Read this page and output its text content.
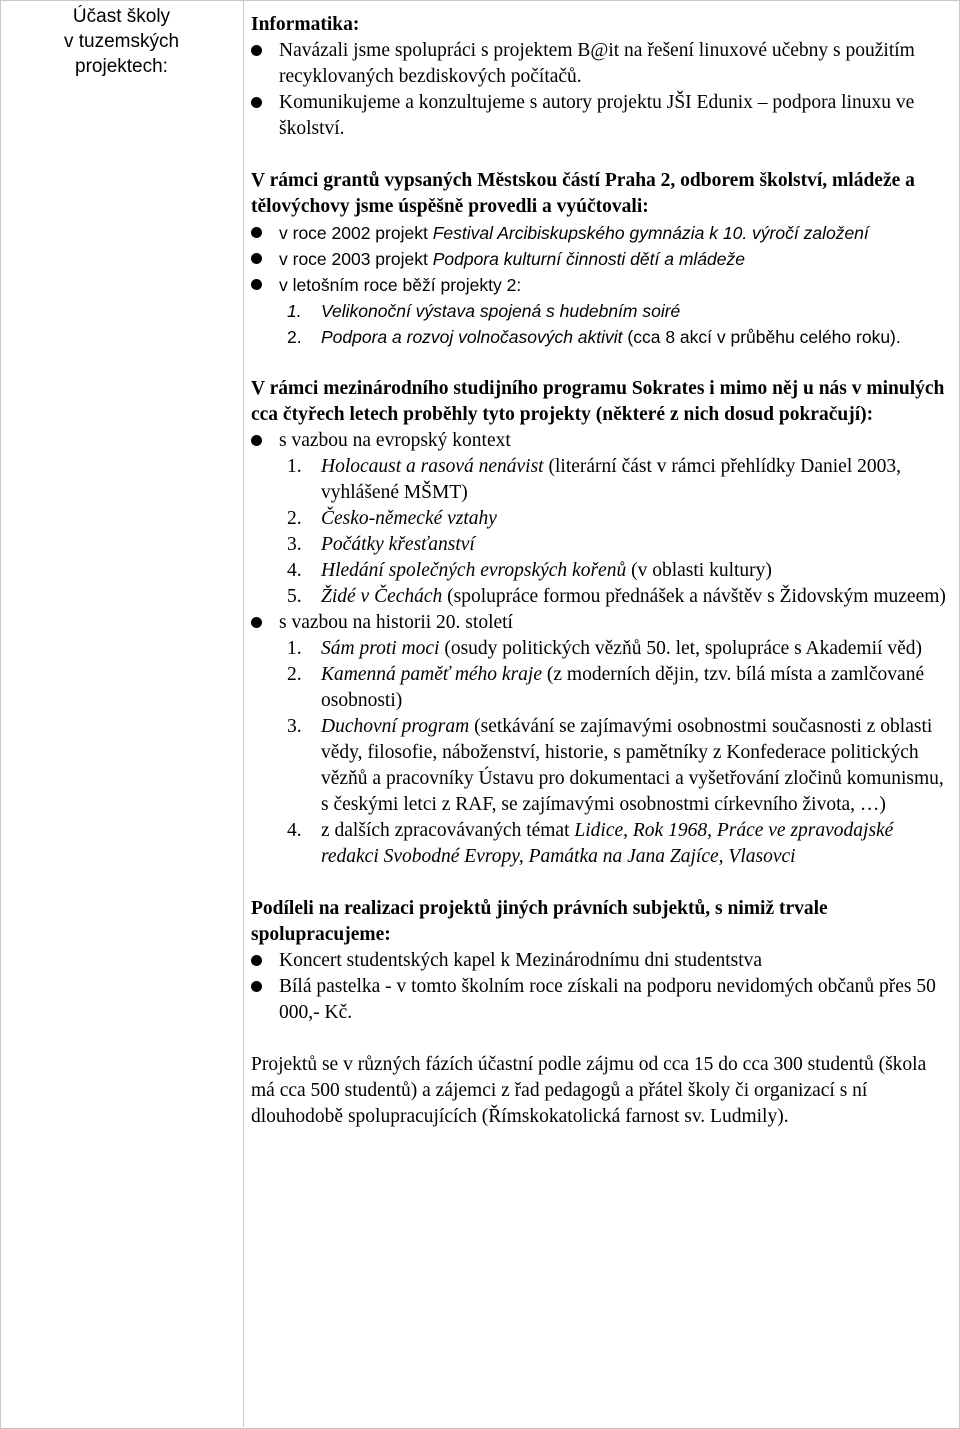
Účast školy
v tuzemských
projektech:

Informatika:

Navázali jsme spolupráci s projektem B@it na řešení linuxové učebny s použitím recyklovaných bezdiskových počítačů.

Komunikujeme a konzultujeme s autory projektu JŠI Edunix – podpora linuxu ve školství.

V rámci grantů vypsaných Městskou částí Praha 2, odborem školství, mládeže a tělovýchovy jsme úspěšně provedli a vyúčtovali:

v roce 2002 projekt Festival Arcibiskupského gymnázia k 10. výročí založení

v roce 2003 projekt Podpora kulturní činnosti dětí a mládeže

v letošním roce běží projekty 2:

1. Velikonoční výstava spojená s hudebním soiré

2. Podpora a rozvoj volnočasových aktivit (cca 8 akcí v průběhu celého roku).

V rámci mezinárodního studijního programu Sokrates i mimo něj u nás v minulých cca čtyřech letech proběhly tyto projekty (některé z nich dosud pokračují):

s vazbou na evropský kontext

1. Holocaust a rasová nenávist (literární část v rámci přehlídky Daniel 2003, vyhlášené MŠMT)

2. Česko-německé vztahy

3. Počátky křesťanství

4. Hledání společných evropských kořenů (v oblasti kultury)

5. Židé v Čechách (spolupráce formou přednášek a návštěv s Židovským muzeem)

s vazbou na historii 20. století

1. Sám proti moci (osudy politických vězňů 50. let, spolupráce s Akademií věd)

2. Kamenná paměť mého kraje (z moderních dějin, tzv. bílá místa a zamlčované osobnosti)

3. Duchovní program (setkávání se zajímavými osobnostmi současnosti z oblasti vědy, filosofie, náboženství, historie, s pamětníky z Konfederace politických vězňů a pracovníky Ústavu pro dokumentaci a vyšetřování zločinů komunismu, s českými letci z RAF, se zajímavými osobnostmi církevního života, …)

4. z dalších zpracovávaných témat Lidice, Rok 1968, Práce ve zpravodajské redakci Svobodné Evropy, Památka na Jana Zajíce, Vlasovci

Podíleli na realizaci projektů jiných právních subjektů, s nimiž trvale spolupracujeme:

Koncert studentských kapel k Mezinárodnímu dni studentstva

Bílá pastelka - v tomto školním roce získali na podporu nevidomých občanů přes 50 000,- Kč.

Projektů se v různých fázích účastní podle zájmu od cca 15 do cca 300 studentů (škola má cca 500 studentů) a zájemci z řad pedagogů a přátel školy či organizací s ní dlouhodobě spolupracujících (Římskokatolická farnost sv. Ludmily).
